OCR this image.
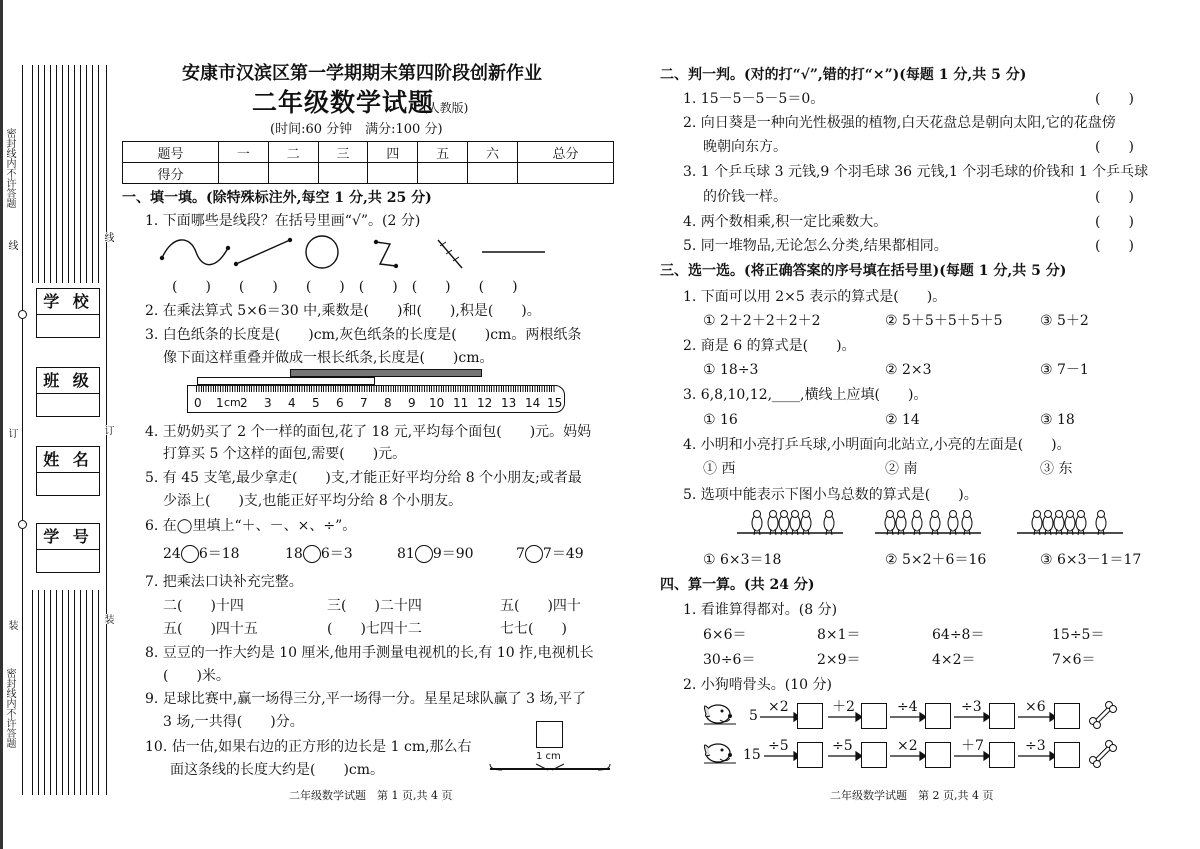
密封线内不许答题
密封线内不许答题
线
订
装
线
订
装
学 校
班 级
姓 名
学 号
安康市汉滨区第一学期期末第四阶段创新作业
二年级数学试题
(人教版)
(时间:60 分钟　满分:100 分)
题号	一	二	三	四	五	六	总分
得分							
一、填一填。(除特殊标注外,每空 1 分,共 25 分)
1. 下面哪些是线段？在括号里画“√”。(2 分)
(　　)　　(　　)　　(　　)　(　　)　(　　)　　(　　)
2. 在乘法算式 5×6＝30 中,乘数是(　　)和(　　),积是(　　)。
3. 白色纸条的长度是(　　)cm,灰色纸条的长度是(　　)cm。两根纸条
像下面这样重叠并做成一根长纸条,长度是(　　)cm。
0 1 cm 2 3 4 5 6 7 8 9 10 11 12 13 14 15
4. 王奶奶买了 2 个一样的面包,花了 18 元,平均每个面包(　　)元。妈妈
打算买 5 个这样的面包,需要(　　)元。
5. 有 45 支笔,最少拿走(　　)支,才能正好平均分给 8 个小朋友;或者最
少添上(　　)支,也能正好平均分给 8 个小朋友。
6. 在◯里填上“＋、－、×、÷”。
24 6＝18	18 6＝3	81 9＝90	7 7＝49
7. 把乘法口诀补充完整。
二(　　)十四	三(　　)二十四	五(　　)四十
五(　　)四十五	(　　)七四十二	七七(　　)
8. 豆豆的一拃大约是 10 厘米,他用手测量电视机的长,有 10 拃,电视机长
(　　)米。
9. 足球比赛中,赢一场得三分,平一场得一分。星星足球队赢了 3 场,平了
3 场,一共得(　　)分。
10. 估一估,如果右边的正方形的边长是 1 cm,那么右
面这条线的长度大约是(　　)cm。
1 cm
二年级数学试题　第 1 页,共 4 页
二、判一判。(对的打“√”,错的打“×”)(每题 1 分,共 5 分)
1. 15－5－5－5＝0。
2. 向日葵是一种向光性极强的植物,白天花盘总是朝向太阳,它的花盘傍
晚朝向东方。
3. 1 个乒乓球 3 元钱,9 个羽毛球 36 元钱,1 个羽毛球的价钱和 1 个乒乓球
的价钱一样。
4. 两个数相乘,积一定比乘数大。
5. 同一堆物品,无论怎么分类,结果都相同。
(　　)
(　　)
(　　)
(　　)
(　　)
三、选一选。(将正确答案的序号填在括号里)(每题 1 分,共 5 分)
1. 下面可以用 2×5 表示的算式是(　　)。
① 2＋2＋2＋2＋2	② 5＋5＋5＋5＋5	③ 5＋2
2. 商是 6 的算式是(　　)。
① 18÷3	② 2×3	③ 7－1
3. 6,8,10,12,____,横线上应填(　　)。
① 16	② 14	③ 18
4. 小明和小亮打乒乓球,小明面向北站立,小亮的左面是(　　)。
① 西	② 南	③ 东
5. 选项中能表示下图小鸟总数的算式是(　　)。
① 6×3＝18	② 5×2＋6＝16	③ 6×3－1＝17
四、算一算。(共 24 分)
1. 看谁算得都对。(8 分)
6×6＝	8×1＝	64÷8＝	15÷5＝
30÷6＝	2×9＝	4×2＝	7×6＝
2. 小狗啃骨头。(10 分)
5
×2	＋2	÷4	÷3	×6
15
÷5	÷5	×2	＋7	÷3
二年级数学试题　第 2 页,共 4 页
